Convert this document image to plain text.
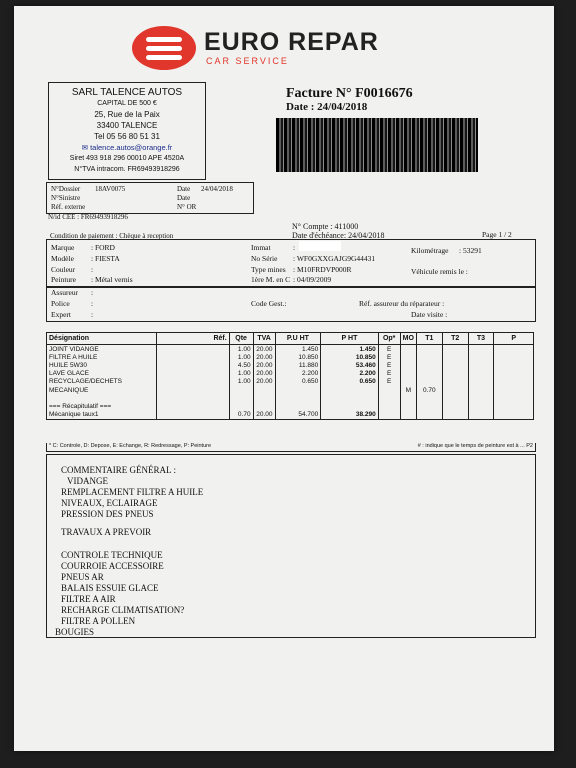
EURO REPAR
CAR SERVICE
SARL TALENCE AUTOS
CAPITAL DE 500 €
25, Rue de la Paix
33400 TALENCE
Tel 05 56 80 51 31
✉ talence.autos@orange.fr
Siret 493 918 296 00010 APE 4520A
N°TVA intracom. FR69493918296
Facture N° F0016676
Date : 24/04/2018
N°Dossier 18AV0075	Date 24/04/2018
N°Sinistre	Date
Réf. externe	N° OR
N/id CEE : FR69493918296
N° Compte : 411000
Date d'échéance: 24/04/2018
Condition de paiement : Chèque à reception	Page 1 / 2
Marque : FORD
Modèle : FIESTA
Couleur :
Peinture : Métal vernis
Immat	:
No Série : WF0GXXGAJG9G44431
Type mines : M10FRDVP000R
1ère M. en C : 04/09/2009
Kilométrage : 53291
Véhicule remis le :
Assureur :
Police	:
Expert	:
Code Gest.:	Réf. assureur du réparateur :
Date visite :
Désignation	Réf.	Qte	TVA	P.U HT	P HT	Op*	MO	T1	T2	T3	P
JOINT VIDANGE		1.00	20.00	1.450	1.450	E					
FILTRE A HUILE		1.00	20.00	10.850	10.850	E					
HUILE 5W30		4.50	20.00	11.880	53.460	E					
LAVE GLACE		1.00	20.00	2.200	2.200	E					
RECYCLAGE/DECHETS		1.00	20.00	0.650	0.650	E					
MECANIQUE							M	0.70			

=== Récapitulatif ===											
Mécanique taux1		0.70	20.00	54.700	38.290						
* C: Controle, D: Depose, E: Echange, R: Redressage, P: Peinture	# : indique que le temps de peinture est à ... P2
COMMENTAIRE GÉNÉRAL :
VIDANGE
REMPLACEMENT FILTRE A HUILE
NIVEAUX, ECLAIRAGE
PRESSION DES PNEUS
TRAVAUX A PREVOIR
CONTROLE TECHNIQUE
COURROIE ACCESSOIRE
PNEUS AR
BALAIS ESSUIE GLACE
FILTRE A AIR
RECHARGE CLIMATISATION?
FILTRE A POLLEN
BOUGIES
